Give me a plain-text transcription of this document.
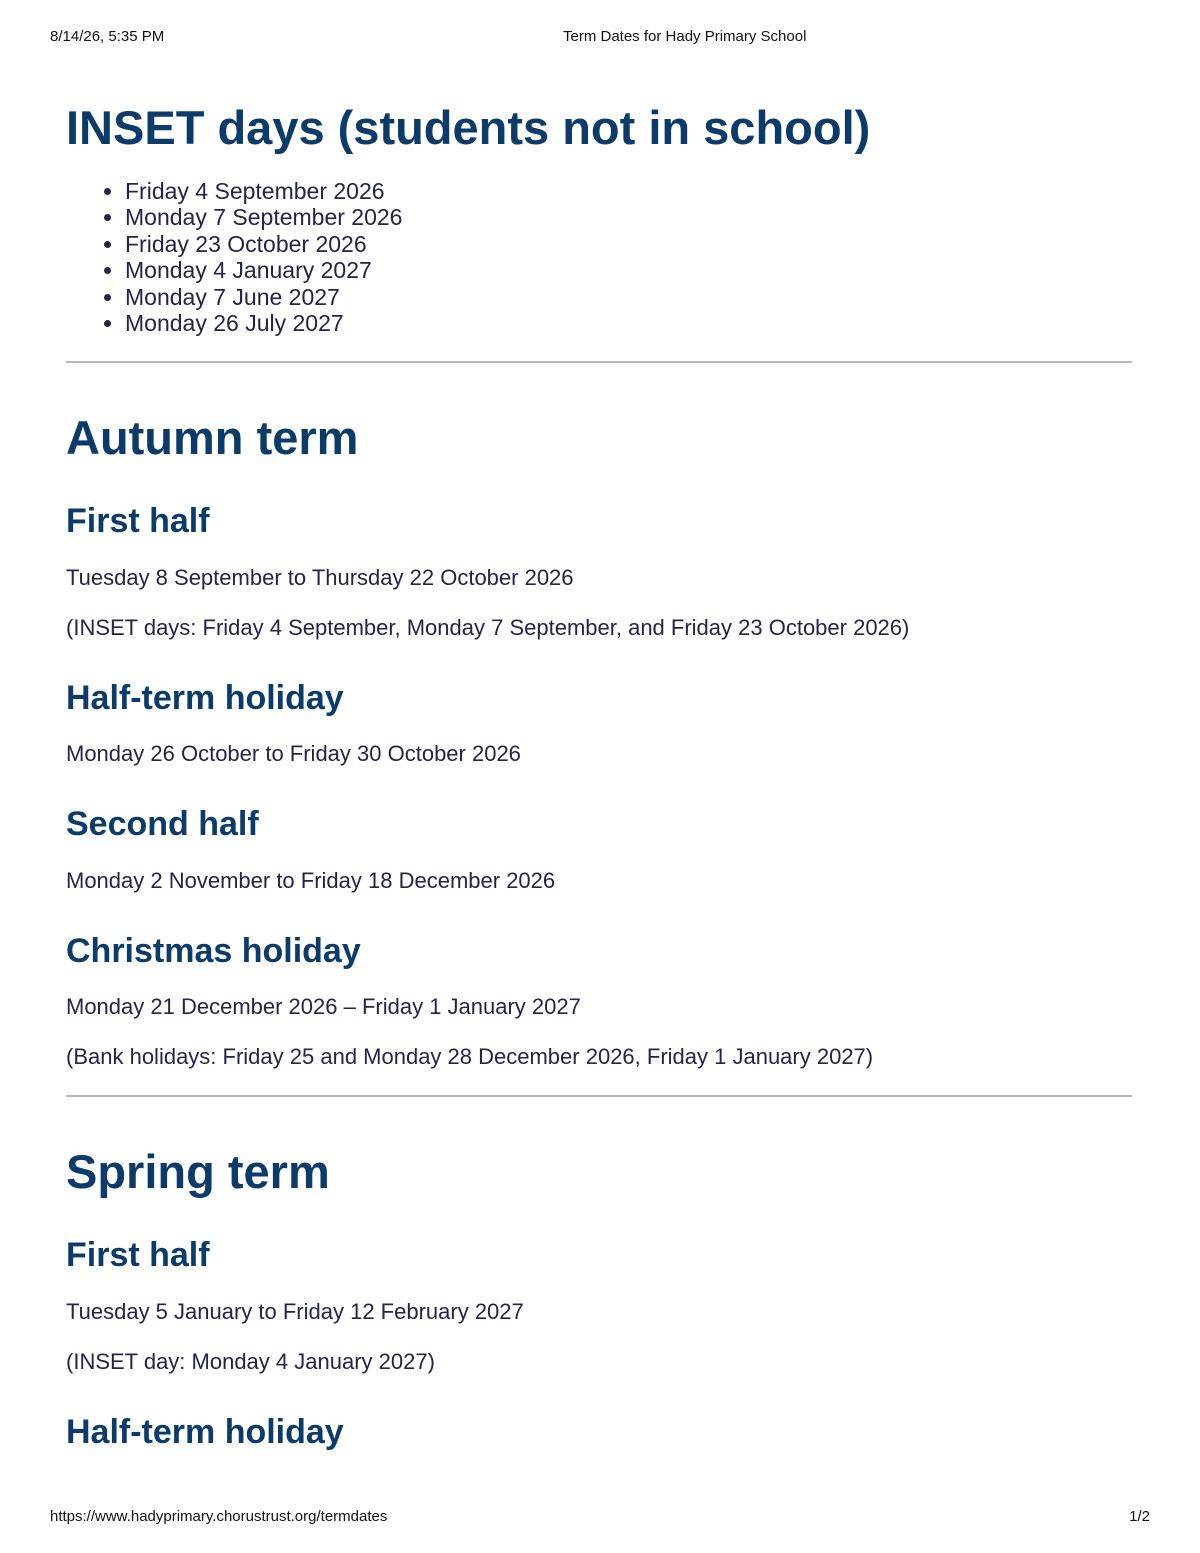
8/14/26, 5:35 PM	Term Dates for Hady Primary School
INSET days (students not in school)
• Friday 4 September 2026
• Monday 7 September 2026
• Friday 23 October 2026
• Monday 4 January 2027
• Monday 7 June 2027
• Monday 26 July 2027
Autumn term
First half

Tuesday 8 September to Thursday 22 October 2026

(INSET days: Friday 4 September, Monday 7 September, and Friday 23 October 2026)

Half-term holiday

Monday 26 October to Friday 30 October 2026

Second half

Monday 2 November to Friday 18 December 2026

Christmas holiday

Monday 21 December 2026 – Friday 1 January 2027

(Bank holidays: Friday 25 and Monday 28 December 2026, Friday 1 January 2027)

Spring term
First half

Tuesday 5 January to Friday 12 February 2027

(INSET day: Monday 4 January 2027)

Half-term holiday
https://www.hadyprimary.chorustrust.org/termdates	1/2
